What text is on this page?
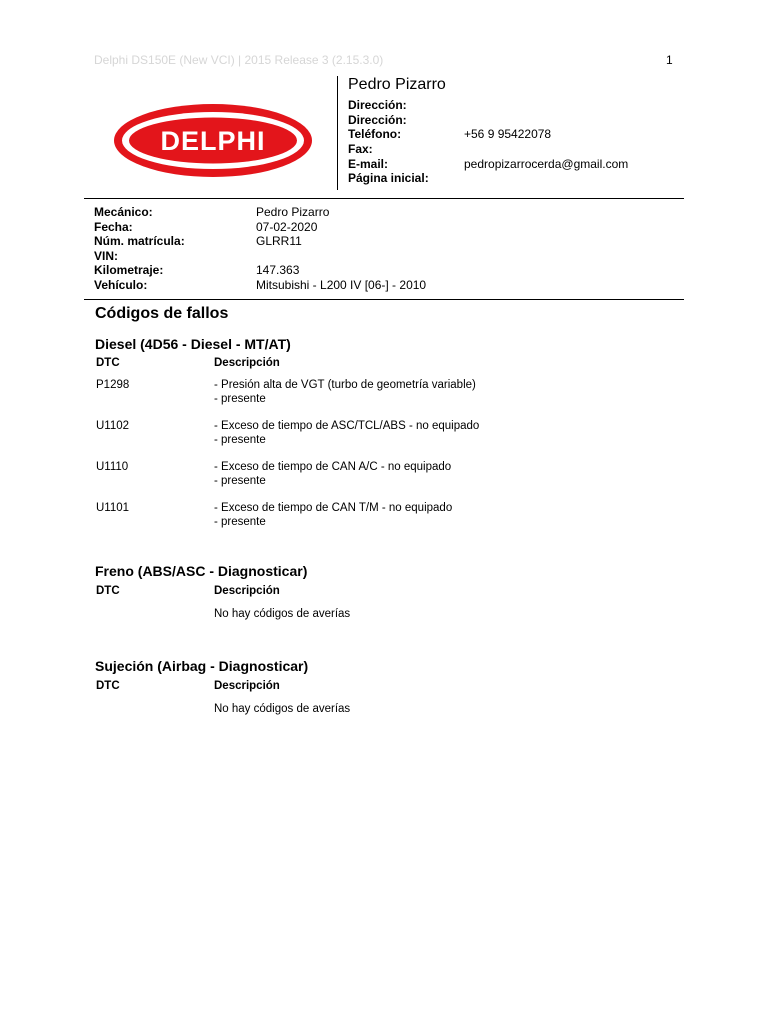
Delphi DS150E (New VCI) | 2015 Release 3 (2.15.3.0)	1
DELPHI
Pedro Pizarro
Dirección:
Dirección:
Teléfono:	+56 9 95422078
Fax:
E-mail:	pedropizarrocerda@gmail.com
Página inicial:
Mecánico:	Pedro Pizarro
Fecha:	07-02-2020
Núm. matrícula:	GLRR11
VIN:
Kilometraje:	147.363
Vehículo:	Mitsubishi - L200 IV [06-] - 2010
Códigos de fallos
Diesel (4D56 - Diesel - MT/AT)
DTC	Descripción
P1298	- Presión alta de VGT (turbo de geometría variable)
- presente
U1102	- Exceso de tiempo de ASC/TCL/ABS - no equipado
- presente
U1110	- Exceso de tiempo de CAN A/C - no equipado
- presente
U1101	- Exceso de tiempo de CAN T/M - no equipado
- presente
Freno (ABS/ASC - Diagnosticar)
DTC	Descripción
No hay códigos de averías
Sujeción (Airbag - Diagnosticar)
DTC	Descripción
No hay códigos de averías
